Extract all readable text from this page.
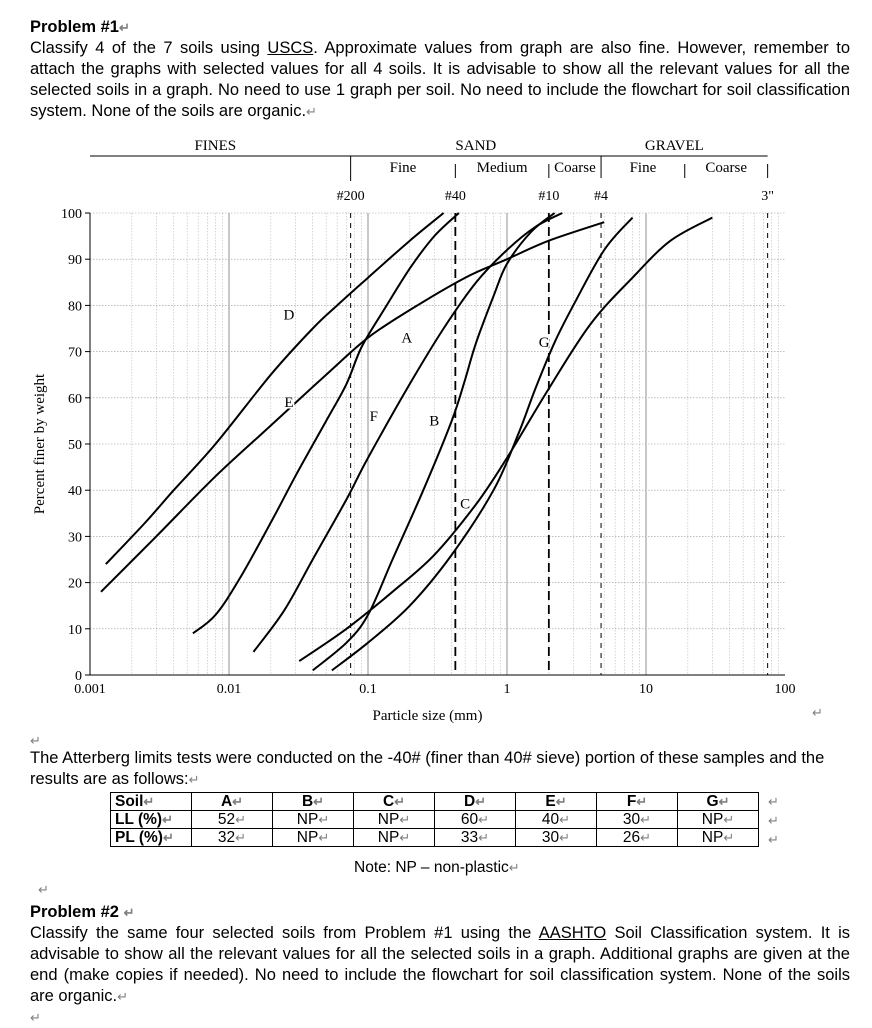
Problem #1↵
Classify 4 of the 7 soils using USCS. Approximate values from graph are also fine. However, remember to attach the graphs with selected values for all 4 soils. It is advisable to show all the relevant values for all the selected soils in a graph. No need to use 1 graph per soil. No need to include the flowchart for soil classification system. None of the soils are organic.↵
FINES	SAND	GRAVEL
Fine	Medium Coarse Fine	Coarse
#200	#40	#10 #4	3"
0
10
20
30
40
50
60
70
80
90
100
0.001	0.01	0.1	1	10	100
Particle size (mm)
Percent finer by weight
A
B
C
D
E
F
G
↵
↵
The Atterberg limits tests were conducted on the -40# (finer than 40# sieve) portion of these samples and the results are as follows:↵
Soil↵	A↵	B↵	C↵	D↵	E↵	F↵	G↵
LL (%)↵	52↵	NP↵	NP↵	60↵	40↵	30↵	NP↵
PL (%)↵	32↵	NP↵	NP↵	33↵	30↵	26↵	NP↵
↵
↵
↵
Note: NP – non-plastic↵
↵
Problem #2 ↵
Classify the same four selected soils from Problem #1 using the AASHTO Soil Classification system. It is advisable to show all the relevant values for all the selected soils in a graph. Additional graphs are given at the end (make copies if needed). No need to include the flowchart for soil classification system. None of the soils are organic.↵
↵
